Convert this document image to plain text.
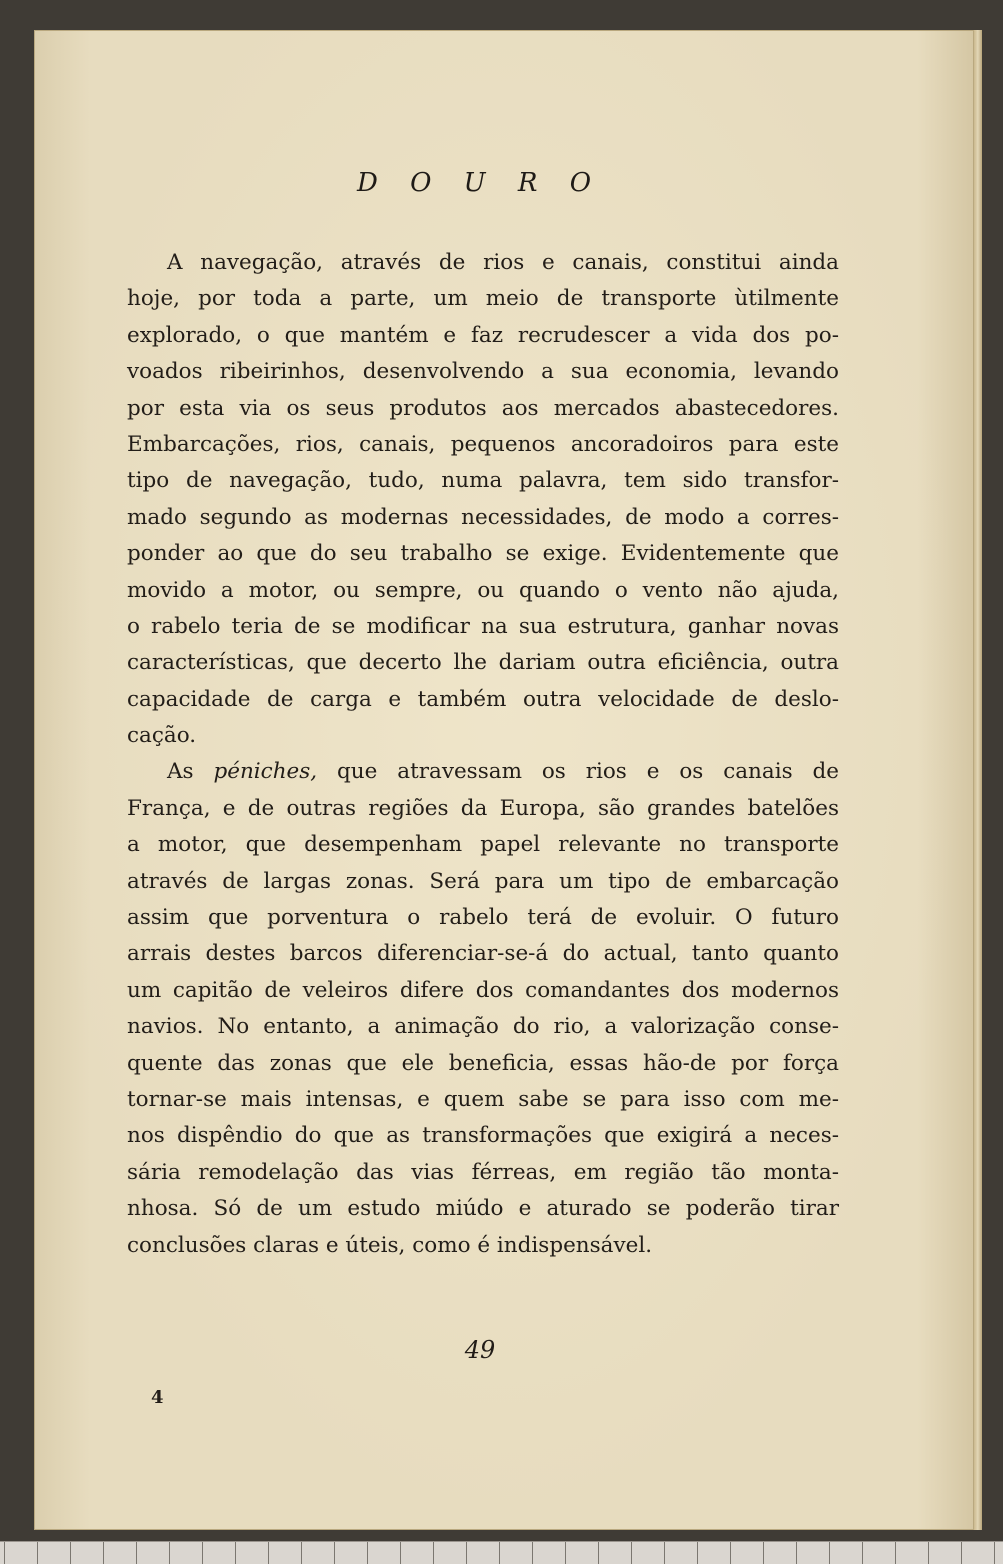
D O U R O
A navegação, através de rios e canais, constitui ainda
hoje, por toda a parte, um meio de transporte ùtilmente
explorado, o que mantém e faz recrudescer a vida dos po-
voados ribeirinhos, desenvolvendo a sua economia, levando
por esta via os seus produtos aos mercados abastecedores.
Embarcações, rios, canais, pequenos ancoradoiros para este
tipo de navegação, tudo, numa palavra, tem sido transfor-
mado segundo as modernas necessidades, de modo a corres-
ponder ao que do seu trabalho se exige. Evidentemente que
movido a motor, ou sempre, ou quando o vento não ajuda,
o rabelo teria de se modificar na sua estrutura, ganhar novas
características, que decerto lhe dariam outra eficiência, outra
capacidade de carga e também outra velocidade de deslo-
cação.
As péniches, que atravessam os rios e os canais de
França, e de outras regiões da Europa, são grandes batelões
a motor, que desempenham papel relevante no transporte
através de largas zonas. Será para um tipo de embarcação
assim que porventura o rabelo terá de evoluir. O futuro
arrais destes barcos diferenciar-se-á do actual, tanto quanto
um capitão de veleiros difere dos comandantes dos modernos
navios. No entanto, a animação do rio, a valorização conse-
quente das zonas que ele beneficia, essas hão-de por força
tornar-se mais intensas, e quem sabe se para isso com me-
nos dispêndio do que as transformações que exigirá a neces-
sária remodelação das vias férreas, em região tão monta-
nhosa. Só de um estudo miúdo e aturado se poderão tirar
conclusões claras e úteis, como é indispensável.
49
4
